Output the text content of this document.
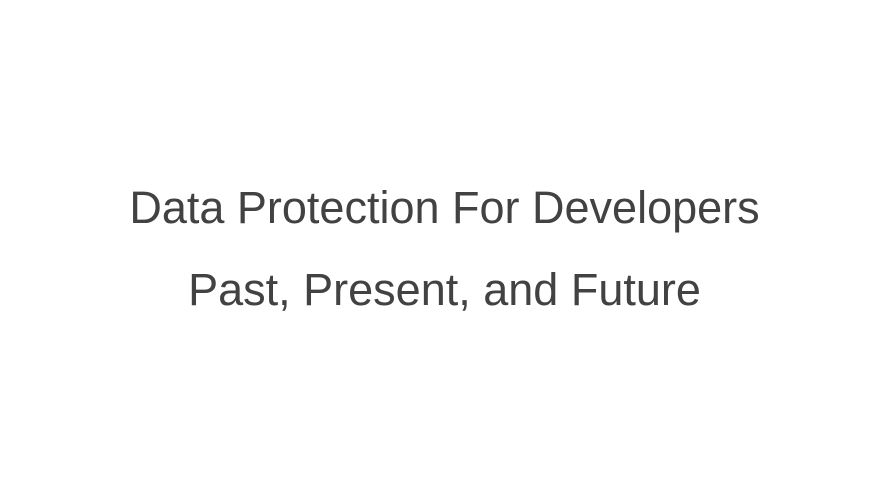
Data Protection For Developers
Past, Present, and Future
